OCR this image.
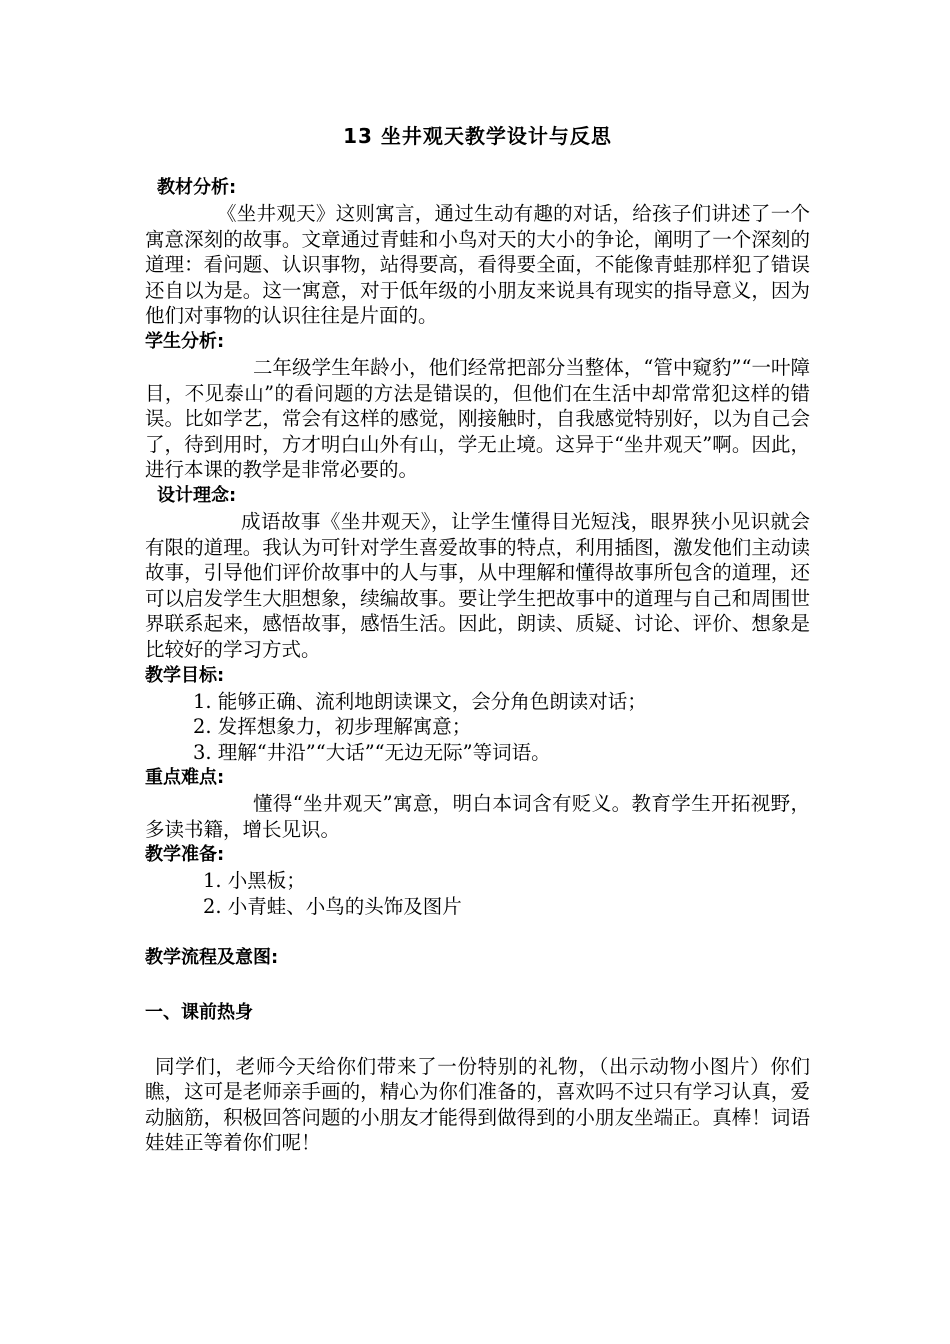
13 坐井观天教学设计与反思
教材分析:

《坐井观天》这则寓言，通过生动有趣的对话，给孩子们讲述了一个寓意深刻的故事。文章通过青蛙和小鸟对天的大小的争论，阐明了一个深刻的道理：看问题、认识事物，站得要高，看得要全面，不能像青蛙那样犯了错误还自以为是。这一寓意，对于低年级的小朋友来说具有现实的指导意义，因为他们对事物的认识往往是片面的。

学生分析:

二年级学生年龄小，他们经常把部分当整体，“管中窥豹”“一叶障目，不见泰山”的看问题的方法是错误的，但他们在生活中却常常犯这样的错误。比如学艺，常会有这样的感觉，刚接触时，自我感觉特别好，以为自己会了，待到用时，方才明白山外有山，学无止境。这异于“坐井观天”啊。因此，进行本课的教学是非常必要的。

设计理念:

成语故事《坐井观天》，让学生懂得目光短浅，眼界狭小见识就会有限的道理。我认为可针对学生喜爱故事的特点，利用插图，激发他们主动读故事，引导他们评价故事中的人与事，从中理解和懂得故事所包含的道理，还可以启发学生大胆想象，续编故事。要让学生把故事中的道理与自己和周围世界联系起来，感悟故事，感悟生活。因此，朗读、质疑、讨论、评价、想象是比较好的学习方式。

教学目标:
1. 能够正确、流利地朗读课文，会分角色朗读对话；
2. 发挥想象力，初步理解寓意；
3. 理解“井沿”“大话”“无边无际”等词语。
重点难点:

懂得“坐井观天”寓意，明白本词含有贬义。教育学生开拓视野，多读书籍，增长见识。

教学准备:
1. 小黑板；
2. 小青蛙、小鸟的头饰及图片
教学流程及意图:
一、课前热身

同学们，老师今天给你们带来了一份特别的礼物，（出示动物小图片）你们瞧，这可是老师亲手画的，精心为你们准备的，喜欢吗不过只有学习认真，爱动脑筋，积极回答问题的小朋友才能得到做得到的小朋友坐端正。真棒！词语娃娃正等着你们呢！
